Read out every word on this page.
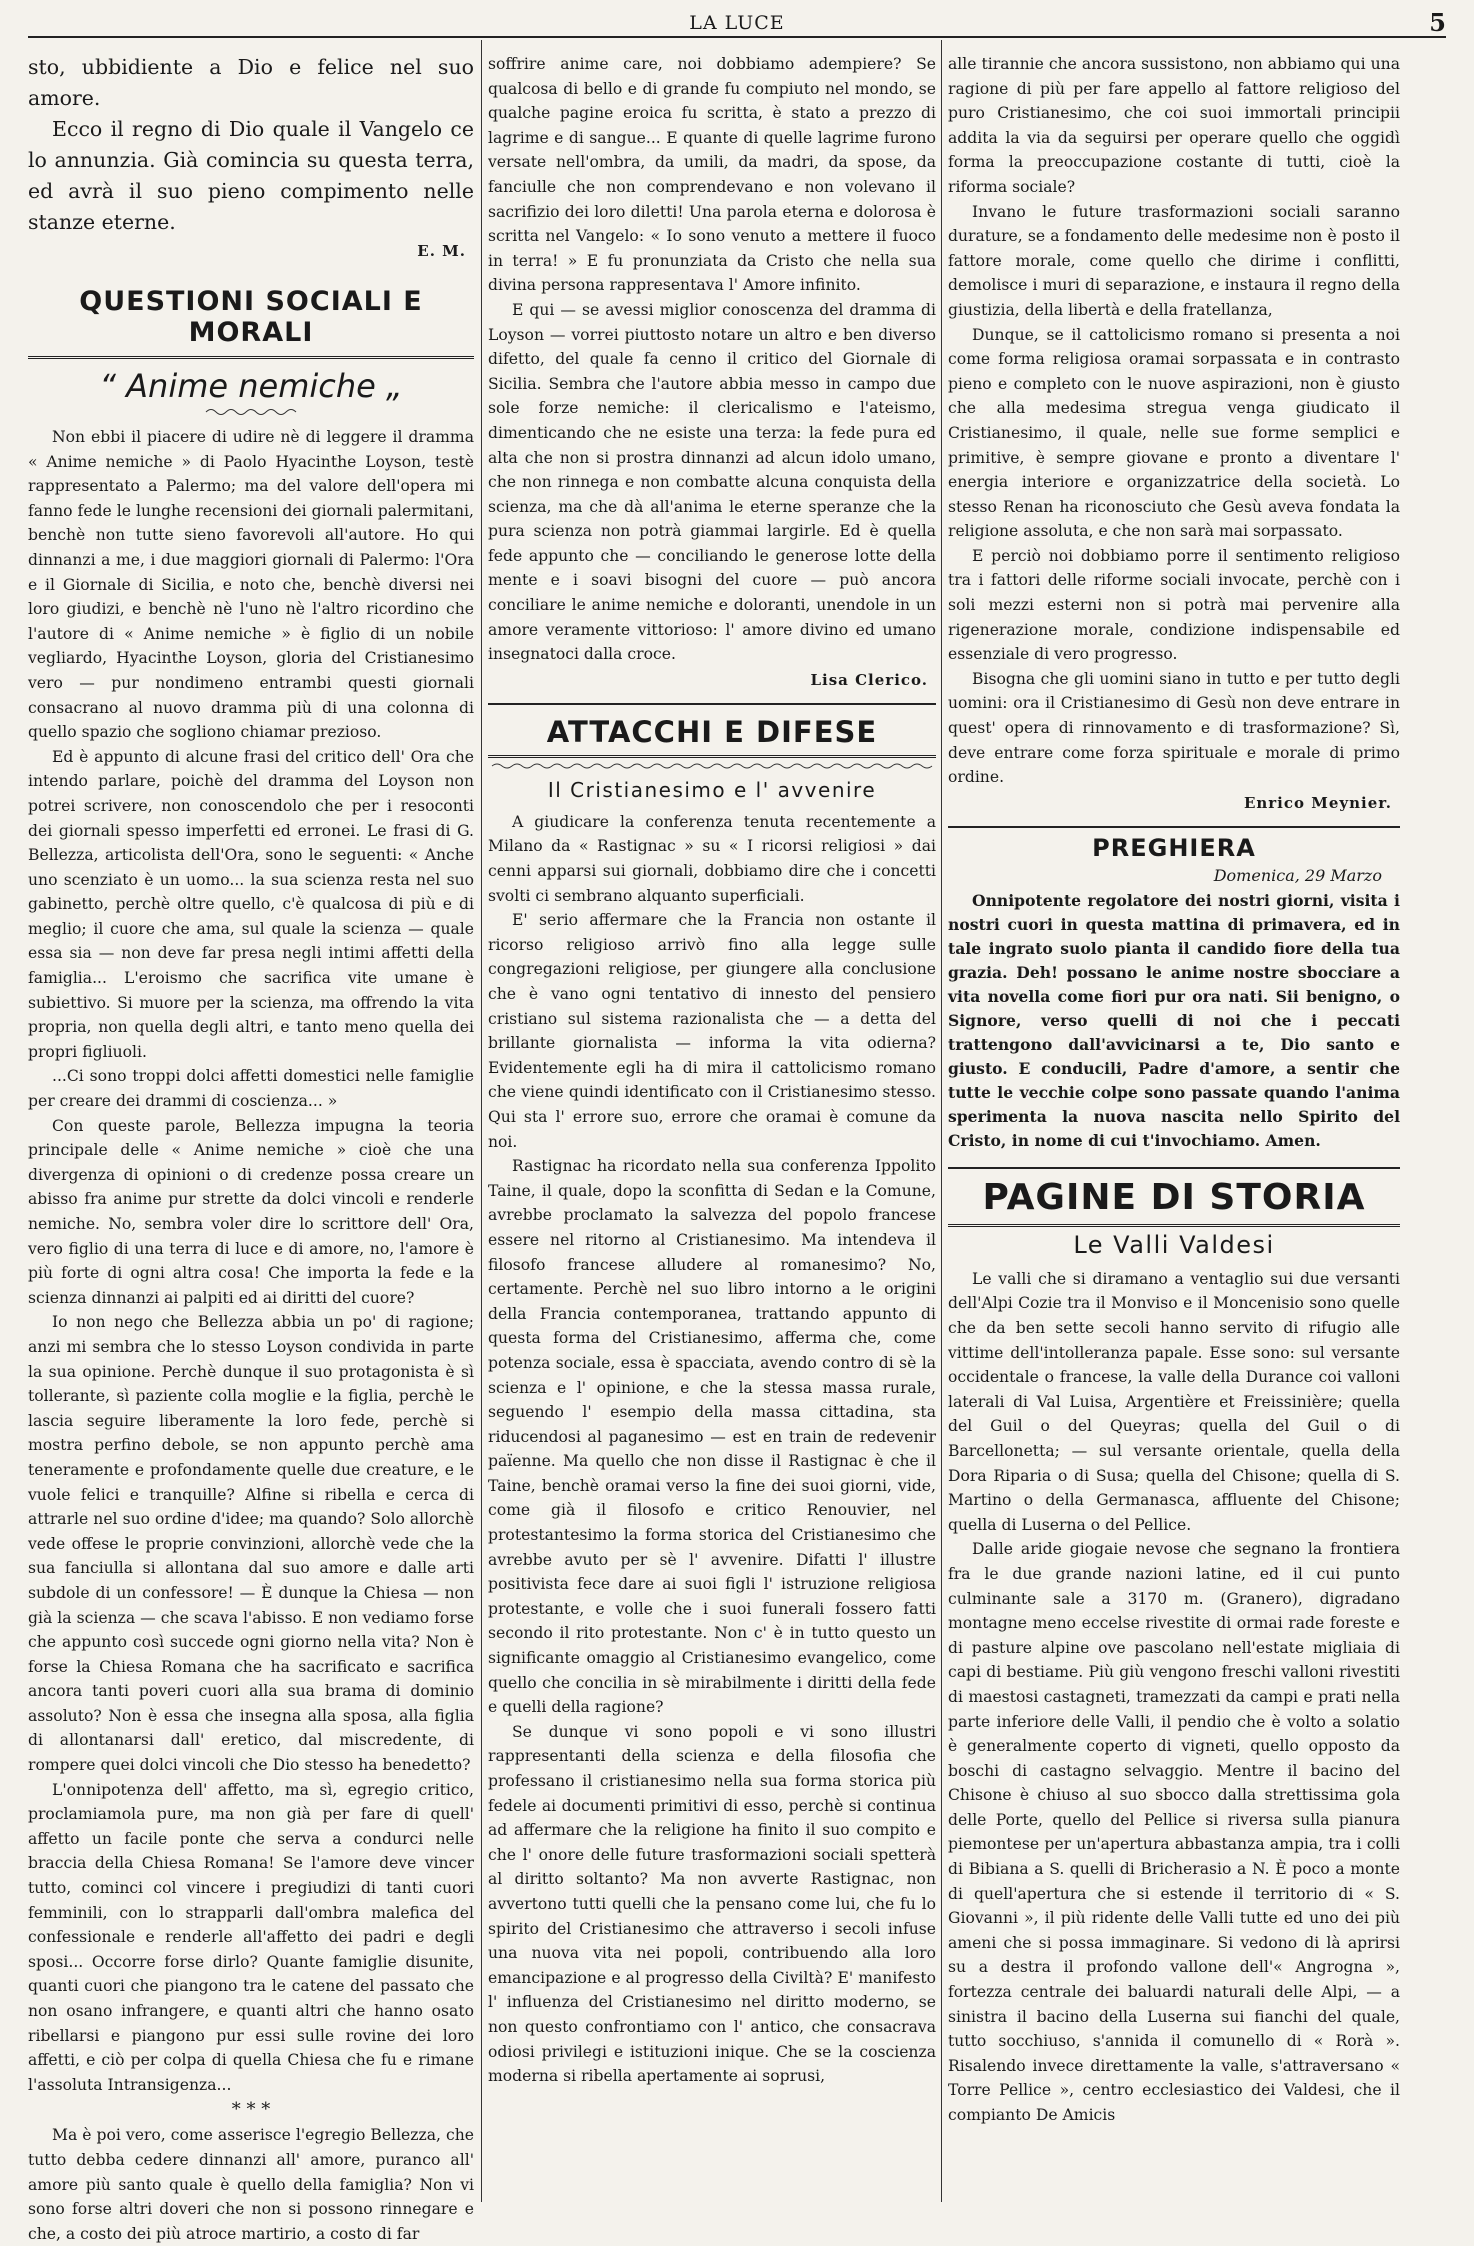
LA LUCE	5

sto, ubbidiente a Dio e felice nel suo amore.

Ecco il regno di Dio quale il Vangelo ce lo annunzia. Già comincia su questa terra, ed avrà il suo pieno compimento nelle stanze eterne.

E. M.
QUESTIONI SOCIALI E MORALI
“ Anime nemiche „

Non ebbi il piacere di udire nè di leggere il dramma « Anime nemiche » di Paolo Hyacinthe Loyson, testè rappresentato a Palermo; ma del valore dell'opera mi fanno fede le lunghe recensioni dei giornali palermitani, benchè non tutte sieno favorevoli all'autore. Ho qui dinnanzi a me, i due maggiori giornali di Palermo: l'Ora e il Giornale di Sicilia, e noto che, benchè diversi nei loro giudizi, e benchè nè l'uno nè l'altro ricordino che l'autore di « Anime nemiche » è figlio di un nobile vegliardo, Hyacinthe Loyson, gloria del Cristianesimo vero — pur nondimeno entrambi questi giornali consacrano al nuovo dramma più di una colonna di quello spazio che sogliono chiamar prezioso.

Ed è appunto di alcune frasi del critico dell' Ora che intendo parlare, poichè del dramma del Loyson non potrei scrivere, non conoscendolo che per i resoconti dei giornali spesso imperfetti ed erronei. Le frasi di G. Bellezza, articolista dell'Ora, sono le seguenti: « Anche uno scenziato è un uomo... la sua scienza resta nel suo gabinetto, perchè oltre quello, c'è qualcosa di più e di meglio; il cuore che ama, sul quale la scienza — quale essa sia — non deve far presa negli intimi affetti della famiglia... L'eroismo che sacrifica vite umane è subiettivo. Si muore per la scienza, ma offrendo la vita propria, non quella degli altri, e tanto meno quella dei propri figliuoli.

...Ci sono troppi dolci affetti domestici nelle famiglie per creare dei drammi di coscienza... »

Con queste parole, Bellezza impugna la teoria principale delle « Anime nemiche » cioè che una divergenza di opinioni o di credenze possa creare un abisso fra anime pur strette da dolci vincoli e renderle nemiche. No, sembra voler dire lo scrittore dell' Ora, vero figlio di una terra di luce e di amore, no, l'amore è più forte di ogni altra cosa! Che importa la fede e la scienza dinnanzi ai palpiti ed ai diritti del cuore?

Io non nego che Bellezza abbia un po' di ragione; anzi mi sembra che lo stesso Loyson condivida in parte la sua opinione. Perchè dunque il suo protagonista è sì tollerante, sì paziente colla moglie e la figlia, perchè le lascia seguire liberamente la loro fede, perchè si mostra perfino debole, se non appunto perchè ama teneramente e profondamente quelle due creature, e le vuole felici e tranquille? Alfine si ribella e cerca di attrarle nel suo ordine d'idee; ma quando? Solo allorchè vede offese le proprie convinzioni, allorchè vede che la sua fanciulla si allontana dal suo amore e dalle arti subdole di un confessore! — È dunque la Chiesa — non già la scienza — che scava l'abisso. E non vediamo forse che appunto così succede ogni giorno nella vita? Non è forse la Chiesa Romana che ha sacrificato e sacrifica ancora tanti poveri cuori alla sua brama di dominio assoluto? Non è essa che insegna alla sposa, alla figlia di allontanarsi dall' eretico, dal miscredente, di rompere quei dolci vincoli che Dio stesso ha benedetto?

L'onnipotenza dell' affetto, ma sì, egregio critico, proclamiamola pure, ma non già per fare di quell' affetto un facile ponte che serva a condurci nelle braccia della Chiesa Romana! Se l'amore deve vincer tutto, cominci col vincere i pregiudizi di tanti cuori femminili, con lo strapparli dall'ombra malefica del confessionale e renderle all'affetto dei padri e degli sposi... Occorre forse dirlo? Quante famiglie disunite, quanti cuori che piangono tra le catene del passato che non osano infrangere, e quanti altri che hanno osato ribellarsi e piangono pur essi sulle rovine dei loro affetti, e ciò per colpa di quella Chiesa che fu e rimane l'assoluta Intransigenza...

* * *

Ma è poi vero, come asserisce l'egregio Bellezza, che tutto debba cedere dinnanzi all' amore, puranco all' amore più santo quale è quello della famiglia? Non vi sono forse altri doveri che non si possono rinnegare e che, a costo dei più atroce martirio, a costo di far

soffrire anime care, noi dobbiamo adempiere? Se qualcosa di bello e di grande fu compiuto nel mondo, se qualche pagine eroica fu scritta, è stato a prezzo di lagrime e di sangue... E quante di quelle lagrime furono versate nell'ombra, da umili, da madri, da spose, da fanciulle che non comprendevano e non volevano il sacrifizio dei loro diletti! Una parola eterna e dolorosa è scritta nel Vangelo: « Io sono venuto a mettere il fuoco in terra! » E fu pronunziata da Cristo che nella sua divina persona rappresentava l' Amore infinito.

E qui — se avessi miglior conoscenza del dramma di Loyson — vorrei piuttosto notare un altro e ben diverso difetto, del quale fa cenno il critico del Giornale di Sicilia. Sembra che l'autore abbia messo in campo due sole forze nemiche: il clericalismo e l'ateismo, dimenticando che ne esiste una terza: la fede pura ed alta che non si prostra dinnanzi ad alcun idolo umano, che non rinnega e non combatte alcuna conquista della scienza, ma che dà all'anima le eterne speranze che la pura scienza non potrà giammai largirle. Ed è quella fede appunto che — conciliando le generose lotte della mente e i soavi bisogni del cuore — può ancora conciliare le anime nemiche e doloranti, unendole in un amore veramente vittorioso: l' amore divino ed umano insegnatoci dalla croce.

Lisa Clerico.
ATTACCHI E DIFESE
Il Cristianesimo e l' avvenire

A giudicare la conferenza tenuta recentemente a Milano da « Rastignac » su « I ricorsi religiosi » dai cenni apparsi sui giornali, dobbiamo dire che i concetti svolti ci sembrano alquanto superficiali.

E' serio affermare che la Francia non ostante il ricorso religioso arrivò fino alla legge sulle congregazioni religiose, per giungere alla conclusione che è vano ogni tentativo di innesto del pensiero cristiano sul sistema razionalista che — a detta del brillante giornalista — informa la vita odierna? Evidentemente egli ha di mira il cattolicismo romano che viene quindi identificato con il Cristianesimo stesso. Qui sta l' errore suo, errore che oramai è comune da noi.

Rastignac ha ricordato nella sua conferenza Ippolito Taine, il quale, dopo la sconfitta di Sedan e la Comune, avrebbe proclamato la salvezza del popolo francese essere nel ritorno al Cristianesimo. Ma intendeva il filosofo francese alludere al romanesimo? No, certamente. Perchè nel suo libro intorno a le origini della Francia contemporanea, trattando appunto di questa forma del Cristianesimo, afferma che, come potenza sociale, essa è spacciata, avendo contro di sè la scienza e l' opinione, e che la stessa massa rurale, seguendo l' esempio della massa cittadina, sta riducendosi al paganesimo — est en train de redevenir païenne. Ma quello che non disse il Rastignac è che il Taine, benchè oramai verso la fine dei suoi giorni, vide, come già il filosofo e critico Renouvier, nel protestantesimo la forma storica del Cristianesimo che avrebbe avuto per sè l' avvenire. Difatti l' illustre positivista fece dare ai suoi figli l' istruzione religiosa protestante, e volle che i suoi funerali fossero fatti secondo il rito protestante. Non c' è in tutto questo un significante omaggio al Cristianesimo evangelico, come quello che concilia in sè mirabilmente i diritti della fede e quelli della ragione?

Se dunque vi sono popoli e vi sono illustri rappresentanti della scienza e della filosofia che professano il cristianesimo nella sua forma storica più fedele ai documenti primitivi di esso, perchè si continua ad affermare che la religione ha finito il suo compito e che l' onore delle future trasformazioni sociali spetterà al diritto soltanto? Ma non avverte Rastignac, non avvertono tutti quelli che la pensano come lui, che fu lo spirito del Cristianesimo che attraverso i secoli infuse una nuova vita nei popoli, contribuendo alla loro emancipazione e al progresso della Civiltà? E' manifesto l' influenza del Cristianesimo nel diritto moderno, se non questo confrontiamo con l' antico, che consacrava odiosi privilegi e istituzioni inique. Che se la coscienza moderna si ribella apertamente ai soprusi,

alle tirannie che ancora sussistono, non abbiamo qui una ragione di più per fare appello al fattore religioso del puro Cristianesimo, che coi suoi immortali principii addita la via da seguirsi per operare quello che oggidì forma la preoccupazione costante di tutti, cioè la riforma sociale?

Invano le future trasformazioni sociali saranno durature, se a fondamento delle medesime non è posto il fattore morale, come quello che dirime i conflitti, demolisce i muri di separazione, e instaura il regno della giustizia, della libertà e della fratellanza,

Dunque, se il cattolicismo romano si presenta a noi come forma religiosa oramai sorpassata e in contrasto pieno e completo con le nuove aspirazioni, non è giusto che alla medesima stregua venga giudicato il Cristianesimo, il quale, nelle sue forme semplici e primitive, è sempre giovane e pronto a diventare l' energia interiore e organizzatrice della società. Lo stesso Renan ha riconosciuto che Gesù aveva fondata la religione assoluta, e che non sarà mai sorpassato.

E perciò noi dobbiamo porre il sentimento religioso tra i fattori delle riforme sociali invocate, perchè con i soli mezzi esterni non si potrà mai pervenire alla rigenerazione morale, condizione indispensabile ed essenziale di vero progresso.

Bisogna che gli uomini siano in tutto e per tutto degli uomini: ora il Cristianesimo di Gesù non deve entrare in quest' opera di rinnovamento e di trasformazione? Sì, deve entrare come forza spirituale e morale di primo ordine.

Enrico Meynier.
PREGHIERA
Domenica, 29 Marzo

Onnipotente regolatore dei nostri giorni, visita i nostri cuori in questa mattina di primavera, ed in tale ingrato suolo pianta il candido fiore della tua grazia. Deh! possano le anime nostre sbocciare a vita novella come fiori pur ora nati. Sii benigno, o Signore, verso quelli di noi che i peccati trattengono dall'avvicinarsi a te, Dio santo e giusto. E conducili, Padre d'amore, a sentir che tutte le vecchie colpe sono passate quando l'anima sperimenta la nuova nascita nello Spirito del Cristo, in nome di cui t'invochiamo. Amen.

PAGINE DI STORIA
Le Valli Valdesi

Le valli che si diramano a ventaglio sui due versanti dell'Alpi Cozie tra il Monviso e il Moncenisio sono quelle che da ben sette secoli hanno servito di rifugio alle vittime dell'intolleranza papale. Esse sono: sul versante occidentale o francese, la valle della Durance coi valloni laterali di Val Luisa, Argentière et Freissinière; quella del Guil o del Queyras; quella del Guil o di Barcellonetta; — sul versante orientale, quella della Dora Riparia o di Susa; quella del Chisone; quella di S. Martino o della Germanasca, affluente del Chisone; quella di Luserna o del Pellice.

Dalle aride giogaie nevose che segnano la frontiera fra le due grande nazioni latine, ed il cui punto culminante sale a 3170 m. (Granero), digradano montagne meno eccelse rivestite di ormai rade foreste e di pasture alpine ove pascolano nell'estate migliaia di capi di bestiame. Più giù vengono freschi valloni rivestiti di maestosi castagneti, tramezzati da campi e prati nella parte inferiore delle Valli, il pendio che è volto a solatio è generalmente coperto di vigneti, quello opposto da boschi di castagno selvaggio. Mentre il bacino del Chisone è chiuso al suo sbocco dalla strettissima gola delle Porte, quello del Pellice si riversa sulla pianura piemontese per un'apertura abbastanza ampia, tra i colli di Bibiana a S. quelli di Bricherasio a N. È poco a monte di quell'apertura che si estende il territorio di « S. Giovanni », il più ridente delle Valli tutte ed uno dei più ameni che si possa immaginare. Si vedono di là aprirsi su a destra il profondo vallone dell'« Angrogna », fortezza centrale dei baluardi naturali delle Alpi, — a sinistra il bacino della Luserna sui fianchi del quale, tutto socchiuso, s'annida il comunello di « Rorà ». Risalendo invece direttamente la valle, s'attraversano « Torre Pellice », centro ecclesiastico dei Valdesi, che il compianto De Amicis
